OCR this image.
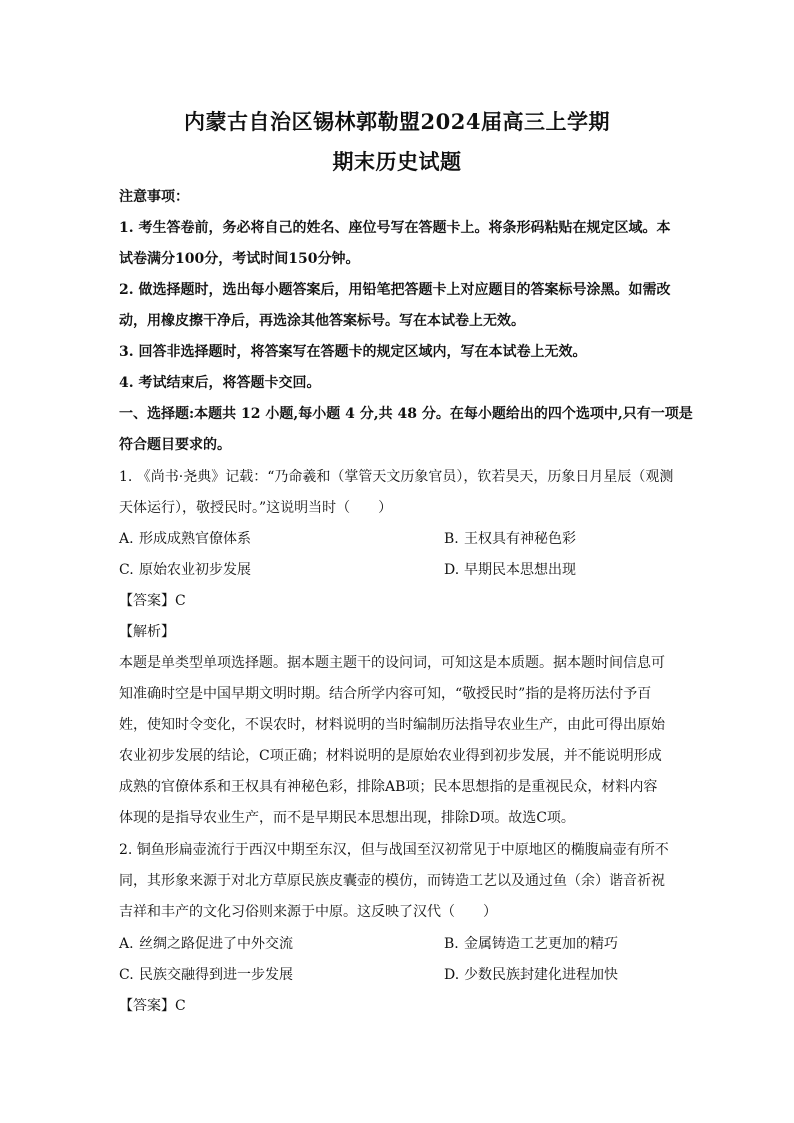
内蒙古自治区锡林郭勒盟2024届高三上学期
期末历史试题
注意事项：
1. 考生答卷前，务必将自己的姓名、座位号写在答题卡上。将条形码粘贴在规定区域。本
试卷满分100分，考试时间150分钟。
2. 做选择题时，选出每小题答案后，用铅笔把答题卡上对应题目的答案标号涂黑。如需改
动，用橡皮擦干净后，再选涂其他答案标号。写在本试卷上无效。
3. 回答非选择题时，将答案写在答题卡的规定区域内，写在本试卷上无效。
4. 考试结束后，将答题卡交回。
一、选择题:本题共 12 小题,每小题 4 分,共 48 分。在每小题给出的四个选项中,只有一项是
符合题目要求的。
1. 《尚书·尧典》记载：“乃命羲和（掌管天文历象官员），钦若昊天，历象日月星辰（观测
天体运行），敬授民时。”这说明当时（　　）
A. 形成成熟官僚体系	B. 王权具有神秘色彩
C. 原始农业初步发展	D. 早期民本思想出现
【答案】C
【解析】
本题是单类型单项选择题。据本题主题干的设问词，可知这是本质题。据本题时间信息可
知准确时空是中国早期文明时期。结合所学内容可知，“敬授民时”指的是将历法付予百
姓，使知时令变化，不误农时，材料说明的当时编制历法指导农业生产，由此可得出原始
农业初步发展的结论，C项正确；材料说明的是原始农业得到初步发展，并不能说明形成
成熟的官僚体系和王权具有神秘色彩，排除AB项；民本思想指的是重视民众，材料内容
体现的是指导农业生产，而不是早期民本思想出现，排除D项。故选C项。
2. 铜鱼形扁壶流行于西汉中期至东汉，但与战国至汉初常见于中原地区的椭腹扁壶有所不
同，其形象来源于对北方草原民族皮囊壶的模仿，而铸造工艺以及通过鱼（余）谐音祈祝
吉祥和丰产的文化习俗则来源于中原。这反映了汉代（　　）
A. 丝绸之路促进了中外交流	B. 金属铸造工艺更加的精巧
C. 民族交融得到进一步发展	D. 少数民族封建化进程加快
【答案】C
